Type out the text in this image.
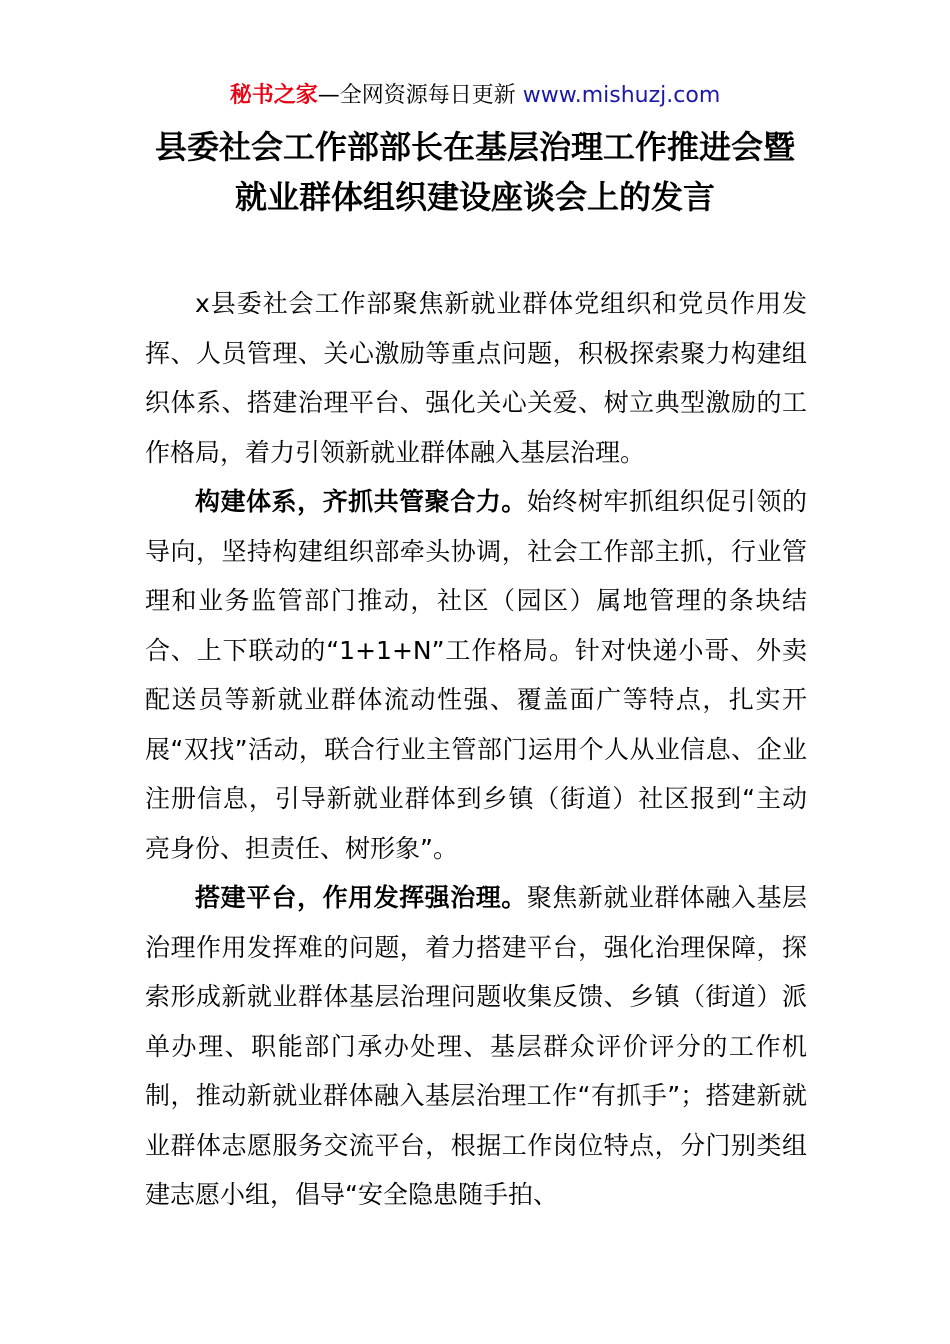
秘书之家—全网资源每日更新 www.mishuzj.com
县委社会工作部部长在基层治理工作推进会暨
就业群体组织建设座谈会上的发言

x县委社会工作部聚焦新就业群体党组织和党员作用发挥、人员管理、关心激励等重点问题，积极探索聚力构建组织体系、搭建治理平台、强化关心关爱、树立典型激励的工作格局，着力引领新就业群体融入基层治理。

构建体系，齐抓共管聚合力。始终树牢抓组织促引领的导向，坚持构建组织部牵头协调，社会工作部主抓，行业管理和业务监管部门推动，社区（园区）属地管理的条块结合、上下联动的“1+1+N”工作格局。针对快递小哥、外卖配送员等新就业群体流动性强、覆盖面广等特点，扎实开展“双找”活动，联合行业主管部门运用个人从业信息、企业注册信息，引导新就业群体到乡镇（街道）社区报到“主动亮身份、担责任、树形象”。

搭建平台，作用发挥强治理。聚焦新就业群体融入基层治理作用发挥难的问题，着力搭建平台，强化治理保障，探索形成新就业群体基层治理问题收集反馈、乡镇（街道）派单办理、职能部门承办处理、基层群众评价评分的工作机制，推动新就业群体融入基层治理工作“有抓手”；搭建新就业群体志愿服务交流平台，根据工作岗位特点，分门别类组建志愿小组，倡导“安全隐患随手拍、
